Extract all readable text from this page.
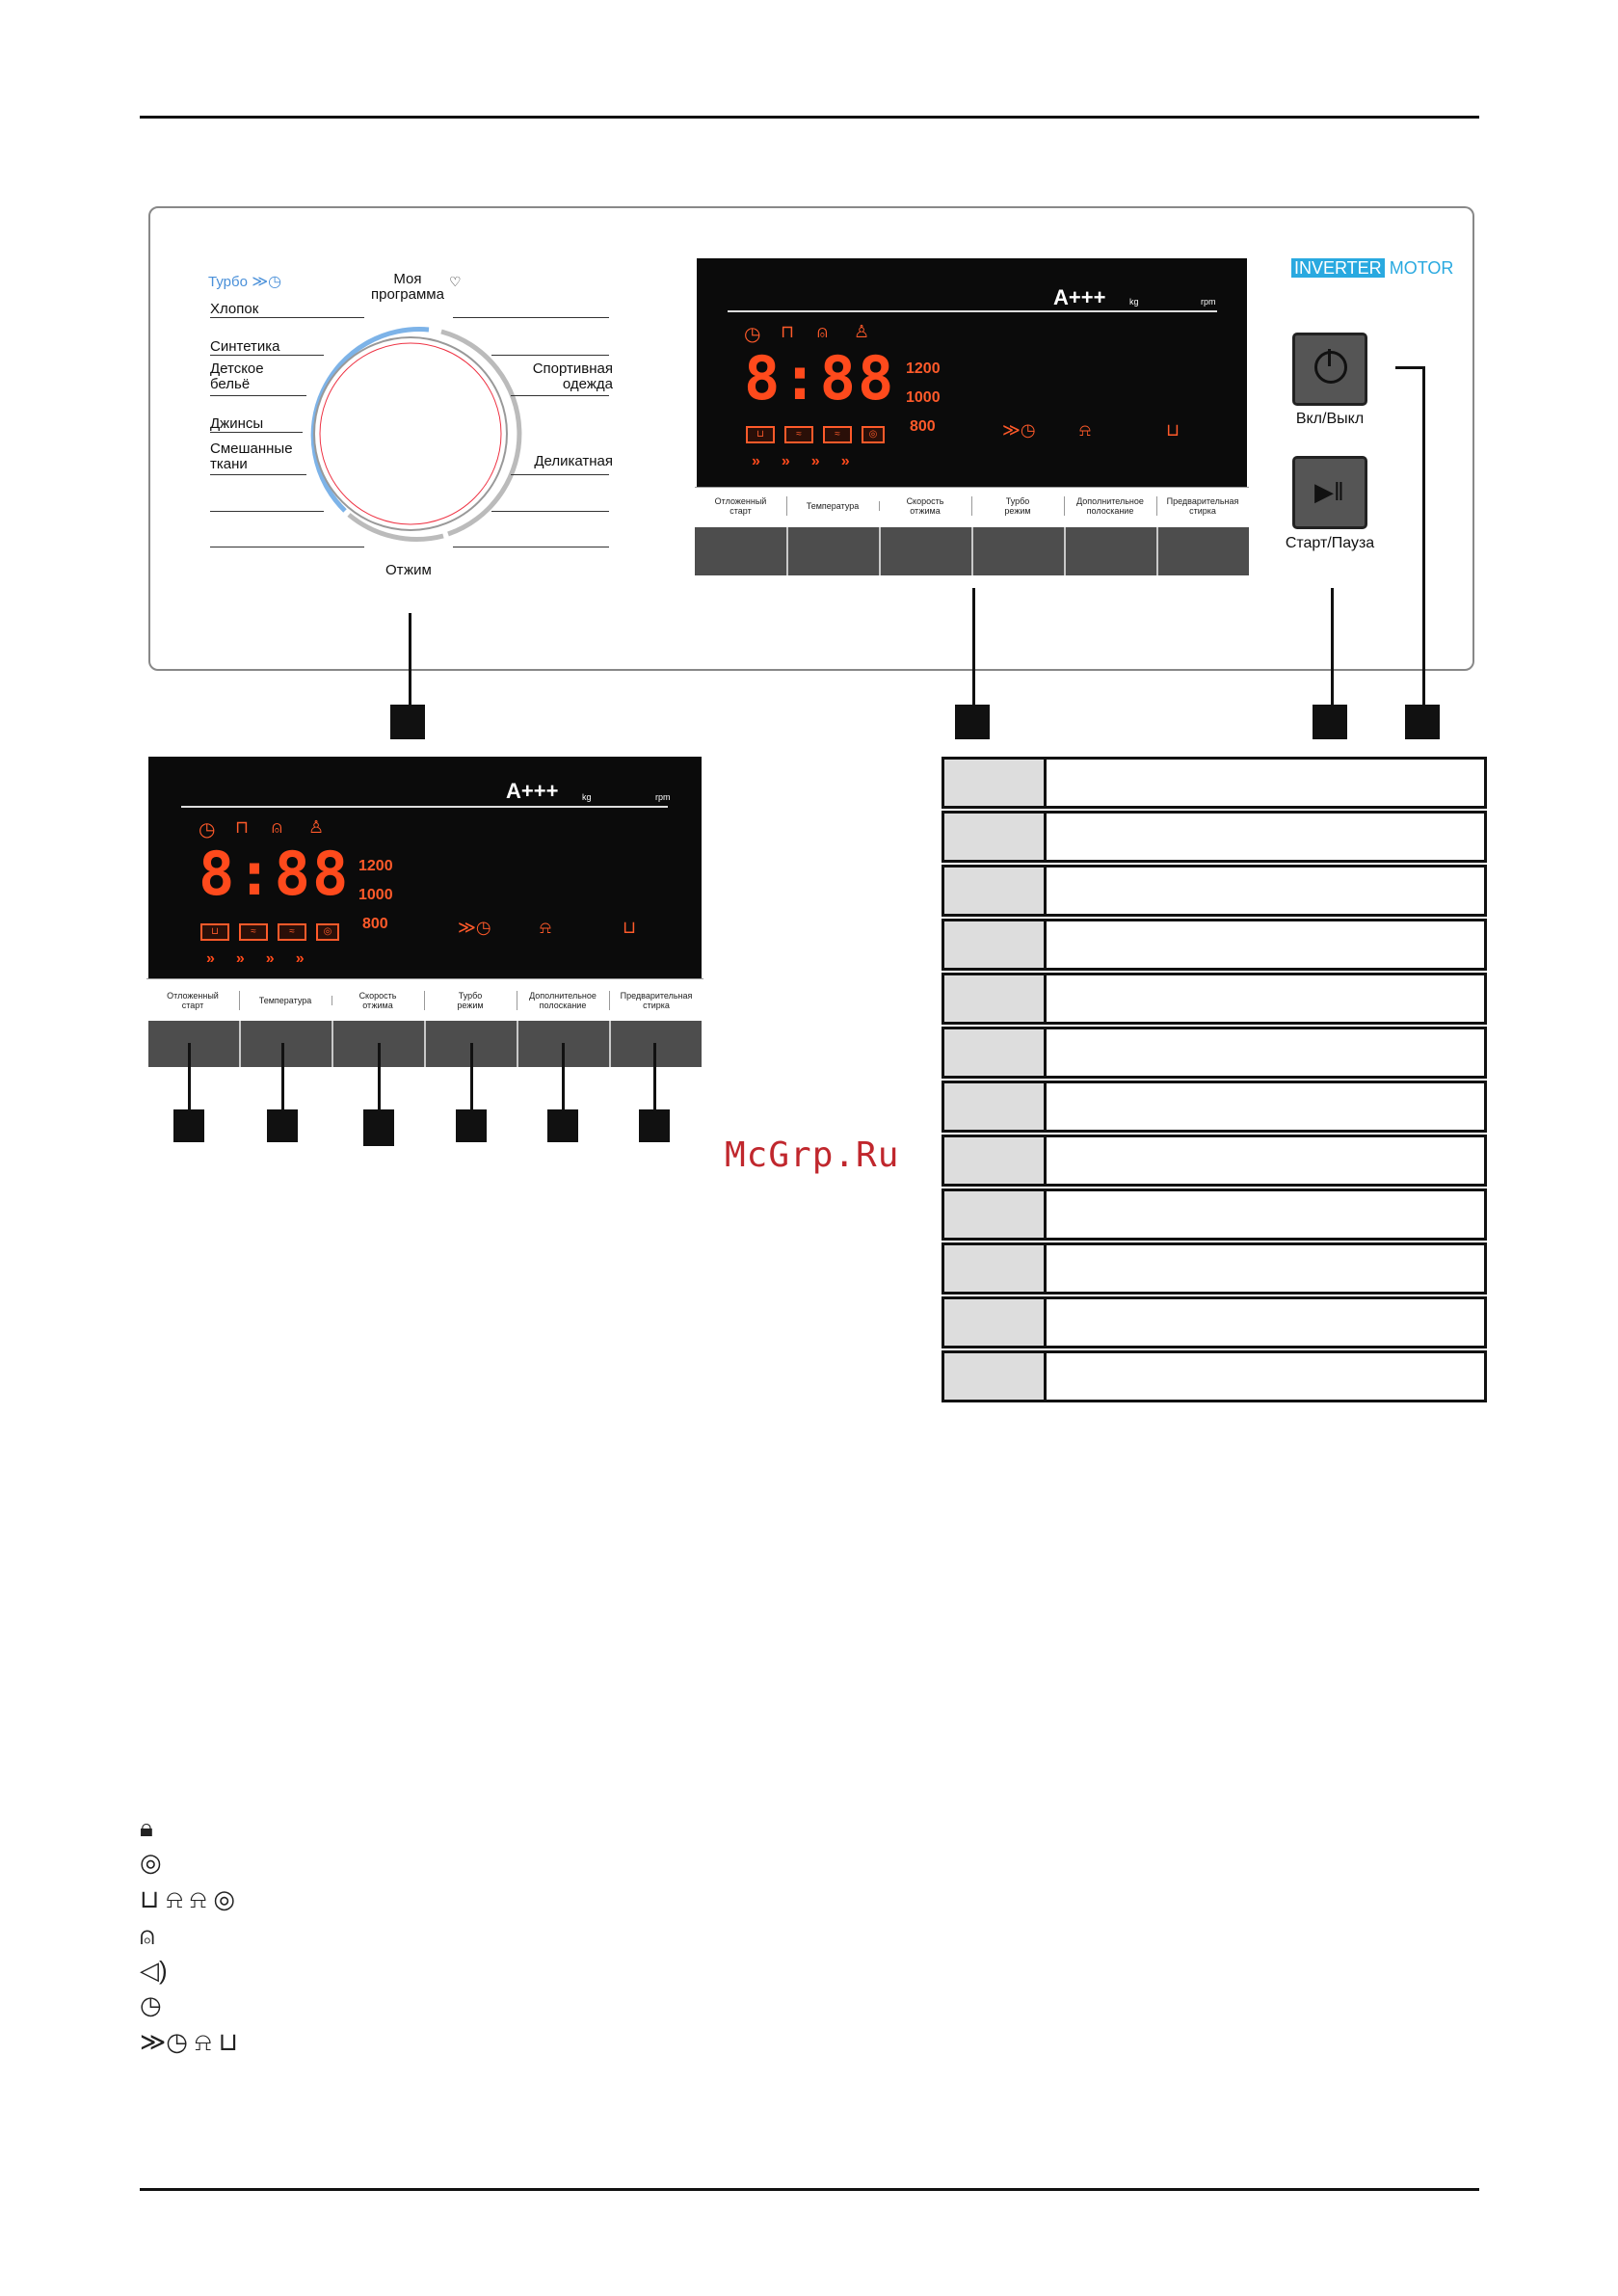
Турбо ≫◷
Хлопок
Синтетика
Детское
бельё
Джинсы
Смешанные
ткани
Моя
программа
♡
Спортивная
одежда
Деликатная
Отжим
A+++	kg	rpm
◷ ⊓ ⍝ ♙
8:88 1200
1000
800
⊔	≈	≈	◎	≫◷	⍾	⊔
»»»»
Отложенный
старт	Температура	Скорость
отжима
Турбо
режим
Дополнительное
полоскание
Предварительная
стирка
INVERTER MOTOR
Вкл/Выкл
▶‖
Старт/Пауза
A+++	kg	rpm
◷ ⊓ ⍝ ♙
8:88 1200
1000
800
⊔	≈	≈	◎	≫◷	⍾	⊔
»»»»
Отложенный
старт	Температура	Скорость
отжима
Турбо
режим
Дополнительное
полоскание
Предварительная
стирка
McGrp.Ru
🔒︎
◎
⊔ ⍾ ⍾ ◎
⍝
◁)
◷
≫◷ ⍾ ⊔
